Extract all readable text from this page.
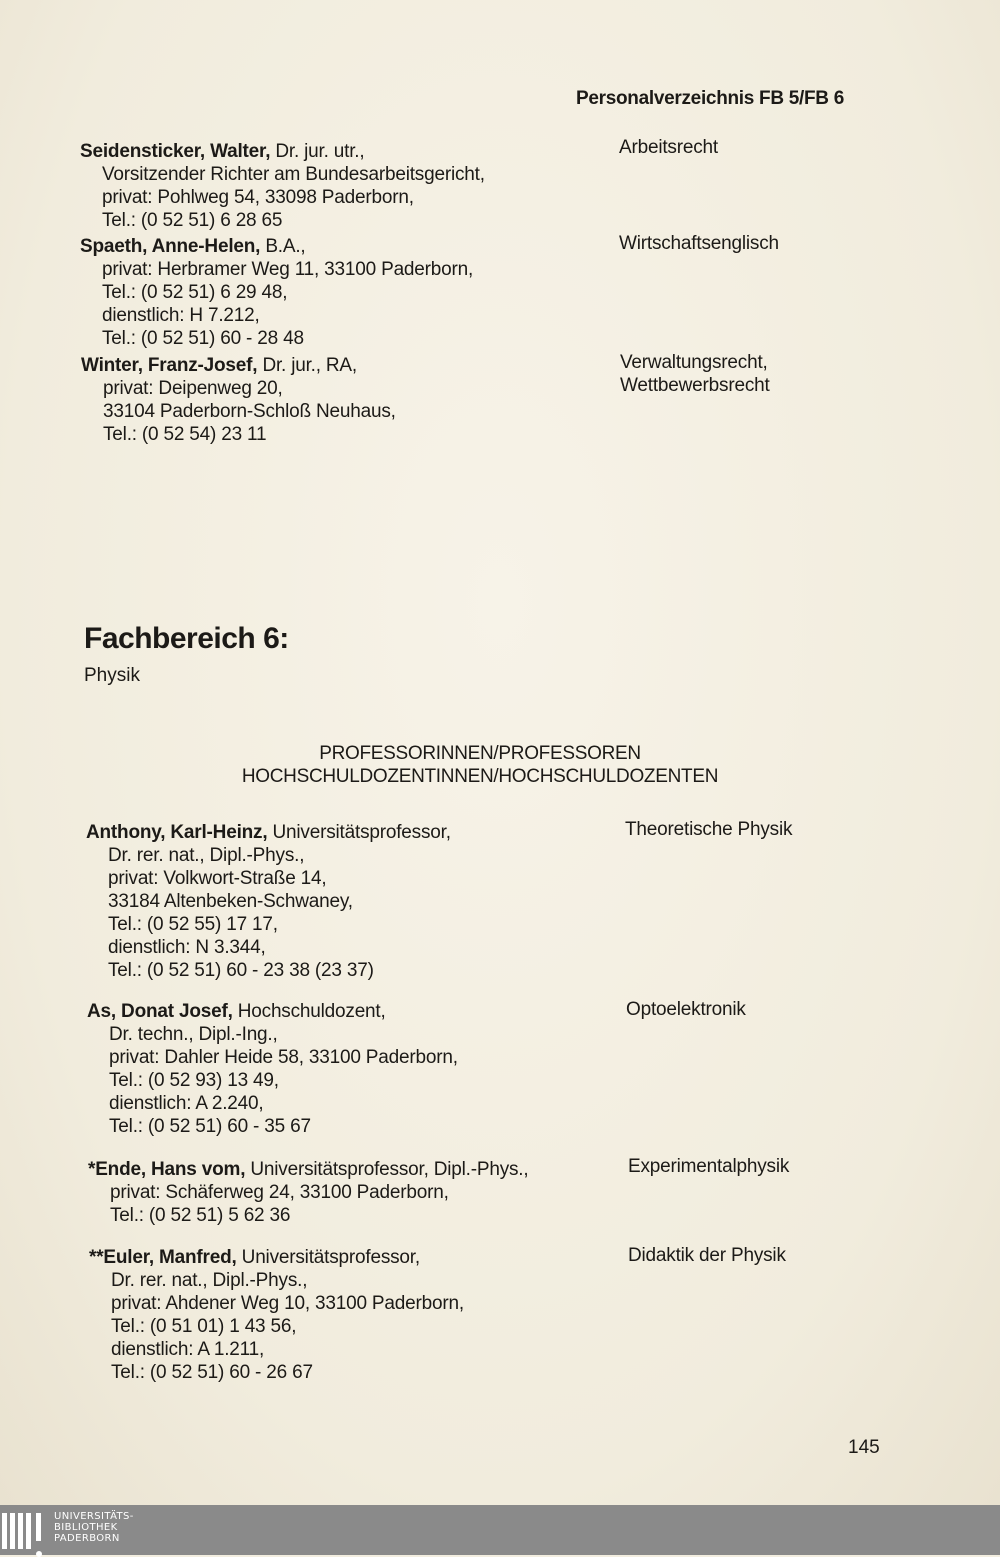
Personalverzeichnis FB 5/FB 6
Seidensticker, Walter, Dr. jur. utr.,
Vorsitzender Richter am Bundesarbeitsgericht,
privat: Pohlweg 54, 33098 Paderborn,
Tel.: (0 52 51) 6 28 65
Arbeitsrecht
Spaeth, Anne-Helen, B.A.,
privat: Herbramer Weg 11, 33100 Paderborn,
Tel.: (0 52 51) 6 29 48,
dienstlich: H 7.212,
Tel.: (0 52 51) 60 - 28 48
Wirtschaftsenglisch
Winter, Franz-Josef, Dr. jur., RA,
privat: Deipenweg 20,
33104 Paderborn-Schloß Neuhaus,
Tel.: (0 52 54) 23 11
Verwaltungsrecht,
Wettbewerbsrecht
Fachbereich 6:
Physik
PROFESSORINNEN/PROFESSOREN
HOCHSCHULDOZENTINNEN/HOCHSCHULDOZENTEN
Anthony, Karl-Heinz, Universitätsprofessor,
Dr. rer. nat., Dipl.-Phys.,
privat: Volkwort-Straße 14,
33184 Altenbeken-Schwaney,
Tel.: (0 52 55) 17 17,
dienstlich: N 3.344,
Tel.: (0 52 51) 60 - 23 38 (23 37)
Theoretische Physik
As, Donat Josef, Hochschuldozent,
Dr. techn., Dipl.-Ing.,
privat: Dahler Heide 58, 33100 Paderborn,
Tel.: (0 52 93) 13 49,
dienstlich: A 2.240,
Tel.: (0 52 51) 60 - 35 67
Optoelektronik
*Ende, Hans vom, Universitätsprofessor, Dipl.-Phys.,
privat: Schäferweg 24, 33100 Paderborn,
Tel.: (0 52 51) 5 62 36
Experimentalphysik
**Euler, Manfred, Universitätsprofessor,
Dr. rer. nat., Dipl.-Phys.,
privat: Ahdener Weg 10, 33100 Paderborn,
Tel.: (0 51 01) 1 43 56,
dienstlich: A 1.211,
Tel.: (0 52 51) 60 - 26 67
Didaktik der Physik
145
UNIVERSITÄTS-
BIBLIOTHEK
PADERBORN
